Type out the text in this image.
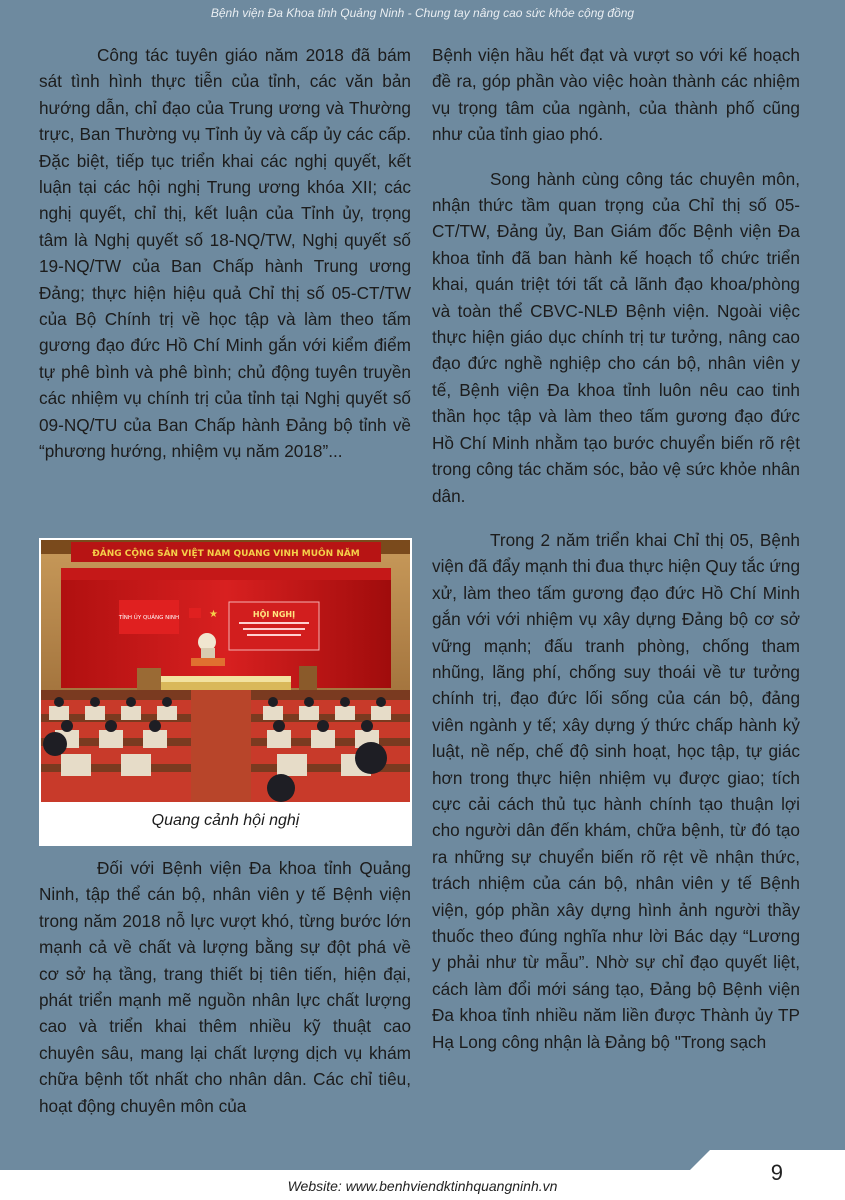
Bệnh viện Đa Khoa tỉnh Quảng Ninh - Chung tay nâng cao sức khỏe cộng đồng

Công tác tuyên giáo năm 2018 đã bám sát tình hình thực tiễn của tỉnh, các văn bản hướng dẫn, chỉ đạo của Trung ương và Thường trực, Ban Thường vụ Tỉnh ủy và cấp ủy các cấp. Đặc biệt, tiếp tục triển khai các nghị quyết, kết luận tại các hội nghị Trung ương khóa XII; các nghị quyết, chỉ thị, kết luận của Tỉnh ủy, trọng tâm là Nghị quyết số 18-NQ/TW, Nghị quyết số 19-NQ/TW của Ban Chấp hành Trung ương Đảng; thực hiện hiệu quả Chỉ thị số 05-CT/TW của Bộ Chính trị về học tập và làm theo tấm gương đạo đức Hồ Chí Minh gắn với kiểm điểm tự phê bình và phê bình; chủ động tuyên truyền các nhiệm vụ chính trị của tỉnh tại Nghị quyết số 09-NQ/TU của Ban Chấp hành Đảng bộ tỉnh về “phương hướng, nhiệm vụ năm 2018”...

ĐẢNG CỘNG SẢN VIỆT NAM QUANG VINH MUÔN NĂM
TỈNH ỦY QUẢNG NINH	★	HỘI NGHỊ
Quang cảnh hội nghị

Đối với Bệnh viện Đa khoa tỉnh Quảng Ninh, tập thể cán bộ, nhân viên y tế Bệnh viện trong năm 2018 nỗ lực vượt khó, từng bước lớn mạnh cả về chất và lượng bằng sự đột phá về cơ sở hạ tầng, trang thiết bị tiên tiến, hiện đại, phát triển mạnh mẽ nguồn nhân lực chất lượng cao và triển khai thêm nhiều kỹ thuật cao chuyên sâu, mang lại chất lượng dịch vụ khám chữa bệnh tốt nhất cho nhân dân. Các chỉ tiêu, hoạt động chuyên môn của

Bệnh viện hầu hết đạt và vượt so với kế hoạch đề ra, góp phần vào việc hoàn thành các nhiệm vụ trọng tâm của ngành, của thành phố cũng như của tỉnh giao phó.

Song hành cùng công tác chuyên môn, nhận thức tầm quan trọng của Chỉ thị số 05-CT/TW, Đảng ủy, Ban Giám đốc Bệnh viện Đa khoa tỉnh đã ban hành kế hoạch tổ chức triển khai, quán triệt tới tất cả lãnh đạo khoa/phòng và toàn thể CBVC-NLĐ Bệnh viện. Ngoài việc thực hiện giáo dục chính trị tư tưởng, nâng cao đạo đức nghề nghiệp cho cán bộ, nhân viên y tế, Bệnh viện Đa khoa tỉnh luôn nêu cao tinh thần học tập và làm theo tấm gương đạo đức Hồ Chí Minh nhằm tạo bước chuyển biến rõ rệt trong công tác chăm sóc, bảo vệ sức khỏe nhân dân.

Trong 2 năm triển khai Chỉ thị 05, Bệnh viện đã đẩy mạnh thi đua thực hiện Quy tắc ứng xử, làm theo tấm gương đạo đức Hồ Chí Minh gắn với với nhiệm vụ xây dựng Đảng bộ cơ sở vững mạnh; đấu tranh phòng, chống tham nhũng, lãng phí, chống suy thoái về tư tưởng chính trị, đạo đức lối sống của cán bộ, đảng viên ngành y tế; xây dựng ý thức chấp hành kỷ luật, nề nếp, chế độ sinh hoạt, học tập, tự giác hơn trong thực hiện nhiệm vụ được giao; tích cực cải cách thủ tục hành chính tạo thuận lợi cho người dân đến khám, chữa bệnh, từ đó tạo ra những sự chuyển biến rõ rệt về nhận thức, trách nhiệm của cán bộ, nhân viên y tế Bệnh viện, góp phần xây dựng hình ảnh người thầy thuốc theo đúng nghĩa như lời Bác dạy “Lương y phải như từ mẫu”. Nhờ sự chỉ đạo quyết liệt, cách làm đổi mới sáng tạo, Đảng bộ Bệnh viện Đa khoa tỉnh nhiều năm liền được Thành ủy TP Hạ Long công nhận là Đảng bộ "Trong sạch

9
Website: www.benhviendktinhquangninh.vn
